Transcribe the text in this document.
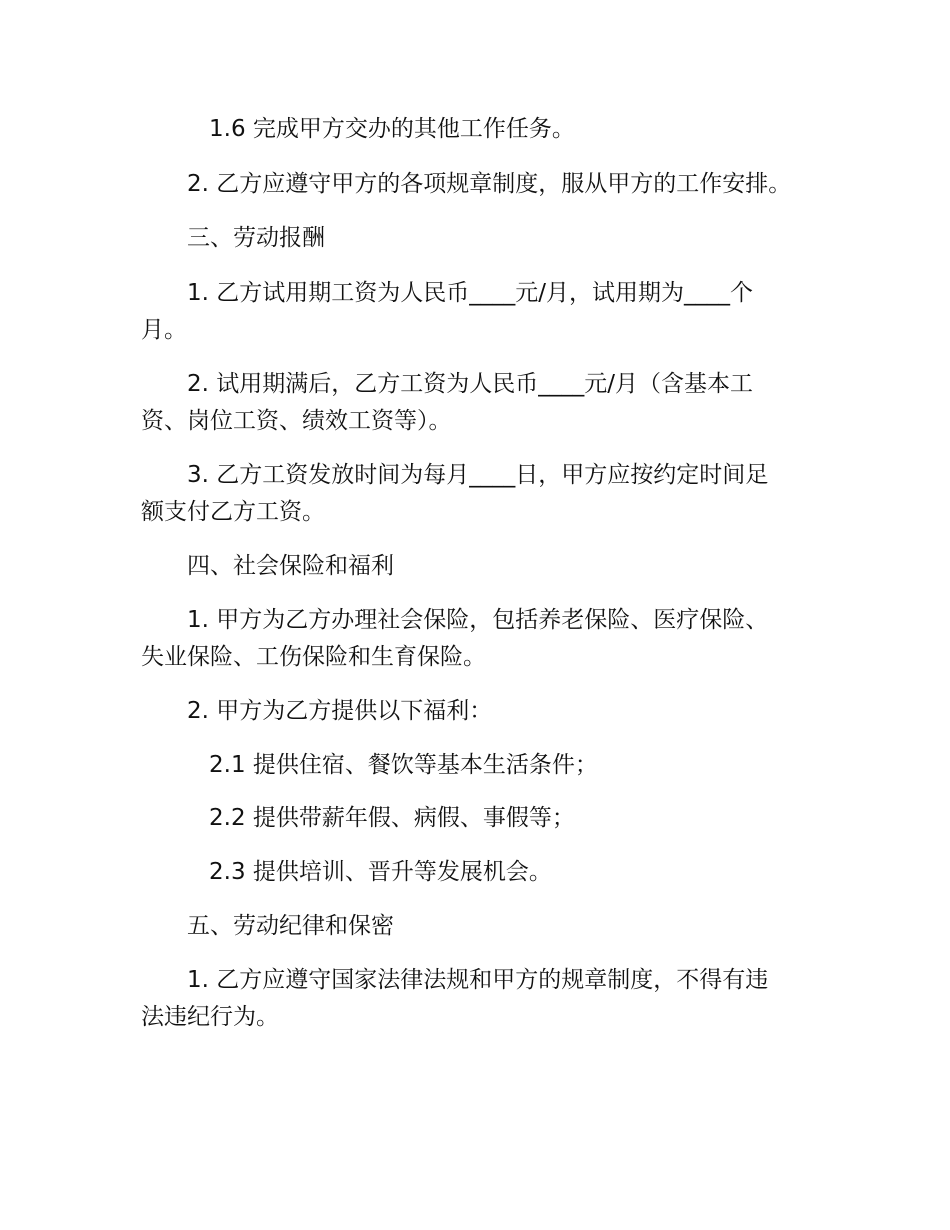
1.6 完成甲方交办的其他工作任务。
2. 乙方应遵守甲方的各项规章制度，服从甲方的工作安排。
三、劳动报酬
1. 乙方试用期工资为人民币____元/月，试用期为____个
月。
2. 试用期满后，乙方工资为人民币____元/月（含基本工
资、岗位工资、绩效工资等）。
3. 乙方工资发放时间为每月____日，甲方应按约定时间足
额支付乙方工资。
四、社会保险和福利
1. 甲方为乙方办理社会保险，包括养老保险、医疗保险、
失业保险、工伤保险和生育保险。
2. 甲方为乙方提供以下福利：
2.1 提供住宿、餐饮等基本生活条件；
2.2 提供带薪年假、病假、事假等；
2.3 提供培训、晋升等发展机会。
五、劳动纪律和保密
1. 乙方应遵守国家法律法规和甲方的规章制度，不得有违
法违纪行为。
